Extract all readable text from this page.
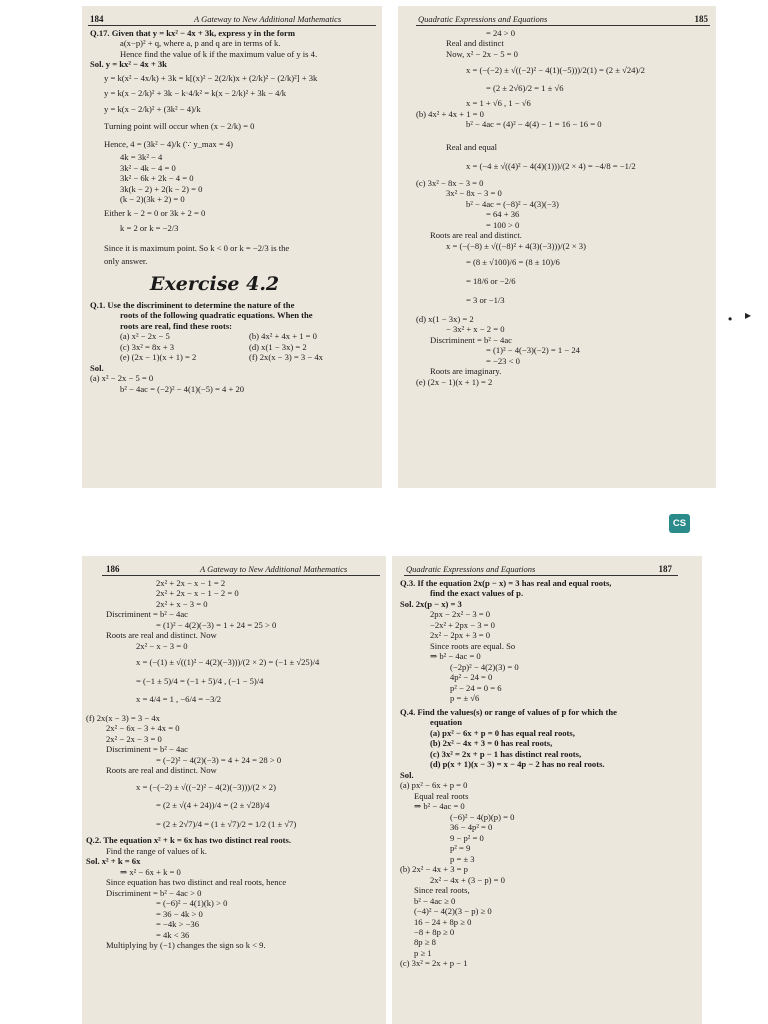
184	A Gateway to New Additional Mathematics

Q.17. Given that y = kx² − 4x + 3k, express y in the form

a(x−p)² + q, where a, p and q are in terms of k.

Hence find the value of k if the maximum value of y is 4.

Sol. y = kx² − 4x + 3k

y = k(x² − 4x/k) + 3k = k[(x)² − 2(2/k)x + (2/k)² − (2/k)²] + 3k

y = k(x − 2/k)² + 3k − k·4/k² = k(x − 2/k)² + 3k − 4/k

y = k(x − 2/k)² + (3k² − 4)/k

Turning point will occur when (x − 2/k) = 0

Hence, 4 = (3k² − 4)/k (∵ y_max = 4)

4k = 3k² − 4

3k² − 4k − 4 = 0

3k² − 6k + 2k − 4 = 0

3k(k − 2) + 2(k − 2) = 0

(k − 2)(3k + 2) = 0

Either k − 2 = 0 or 3k + 2 = 0

k = 2 or k = −2/3

Since it is maximum point. So k < 0 or k = −2/3 is the

only answer.

Exercise 4.2

Q.1. Use the discriminent to determine the nature of the

roots of the following quadratic equations. When the

roots are real, find these roots:

(a) x² − 2x − 5	(b) 4x² + 4x + 1 = 0

(c) 3x² = 8x + 3	(d) x(1 − 3x) = 2

(e) (2x − 1)(x + 1) = 2	(f) 2x(x − 3) = 3 − 4x

Sol.

(a) x² − 2x − 5 = 0

b² − 4ac = (−2)² − 4(1)(−5) = 4 + 20

Quadratic Expressions and Equations	185

= 24 > 0

Real and distinct

Now, x² − 2x − 5 = 0

x = (−(−2) ± √((−2)² − 4(1)(−5)))/2(1) = (2 ± √24)/2

= (2 ± 2√6)/2 = 1 ± √6

x = 1 + √6 , 1 − √6

(b) 4x² + 4x + 1 = 0

b² − 4ac = (4)² − 4(4) − 1 = 16 − 16 = 0

Real and equal

x = (−4 ± √((4)² − 4(4)(1)))/(2 × 4) = −4/8 = −1/2

(c) 3x² − 8x − 3 = 0

3x² − 8x − 3 = 0

b² − 4ac = (−8)² − 4(3)(−3)

= 64 + 36

= 100 > 0

Roots are real and distinct.

x = (−(−8) ± √((−8)² + 4(3)(−3)))/(2 × 3)

= (8 ± √100)/6 = (8 ± 10)/6

= 18/6 or −2/6

= 3 or −1/3

(d) x(1 − 3x) = 2

− 3x² + x − 2 = 0

Discriminent = b² − 4ac

= (1)² − 4(−3)(−2) = 1 − 24

= −23 < 0

Roots are imaginary.

(e) (2x − 1)(x + 1) = 2

CS
186	A Gateway to New Additional Mathematics

2x² + 2x − x − 1 = 2

2x² + 2x − x − 1 − 2 = 0

2x² + x − 3 = 0

Discriminent = b² − 4ac

= (1)² − 4(2)(−3) = 1 + 24 = 25 > 0

Roots are real and distinct. Now

2x² − x − 3 = 0

x = (−(1) ± √((1)² − 4(2)(−3)))/(2 × 2) = (−1 ± √25)/4

= (−1 ± 5)/4 = (−1 + 5)/4 , (−1 − 5)/4

x = 4/4 = 1 , −6/4 = −3/2

(f) 2x(x − 3) = 3 − 4x

2x² − 6x − 3 + 4x = 0

2x² − 2x − 3 = 0

Discriminent = b² − 4ac

= (−2)² − 4(2)(−3) = 4 + 24 = 28 > 0

Roots are real and distinct. Now

x = (−(−2) ± √((−2)² − 4(2)(−3)))/(2 × 2)

= (2 ± √(4 + 24))/4 = (2 ± √28)/4

= (2 ± 2√7)/4 = (1 ± √7)/2 = 1/2 (1 ± √7)

Q.2. The equation x² + k = 6x has two distinct real roots.

Find the range of values of k.

Sol. x² + k = 6x

⇒ x² − 6x + k = 0

Since equation has two distinct and real roots, hence

Discriminent = b² − 4ac > 0

= (−6)² − 4(1)(k) > 0

= 36 − 4k > 0

= −4k > −36

= 4k < 36

Multiplying by (−1) changes the sign so k < 9.

Quadratic Expressions and Equations	187

Q.3. If the equation 2x(p − x) = 3 has real and equal roots,

find the exact values of p.

Sol. 2x(p − x) = 3

2px − 2x² − 3 = 0

−2x² + 2px − 3 = 0

2x² − 2px + 3 = 0

Since roots are equal. So

⇒ b² − 4ac = 0

(−2p)² − 4(2)(3) = 0

4p² − 24 = 0

p² − 24 = 0 = 6

p = ± √6

Q.4. Find the values(s) or range of values of p for which the

equation

(a) px² − 6x + p = 0 has equal real roots,

(b) 2x² − 4x + 3 = 0 has real roots,

(c) 3x² = 2x + p − 1 has distinct real roots,

(d) p(x + 1)(x − 3) = x − 4p − 2 has no real roots.

Sol.

(a) px² − 6x + p = 0

Equal real roots

⇒ b² − 4ac = 0

(−6)² − 4(p)(p) = 0

36 − 4p² = 0

9 − p² = 0

p² = 9

p = ± 3

(b) 2x² − 4x + 3 = p

2x² − 4x + (3 − p) = 0

Since real roots,

b² − 4ac ≥ 0

(−4)² − 4(2)(3 − p) ≥ 0

16 − 24 + 8p ≥ 0

−8 + 8p ≥ 0

8p ≥ 8

p ≥ 1

(c) 3x² = 2x + p − 1

▸
•
